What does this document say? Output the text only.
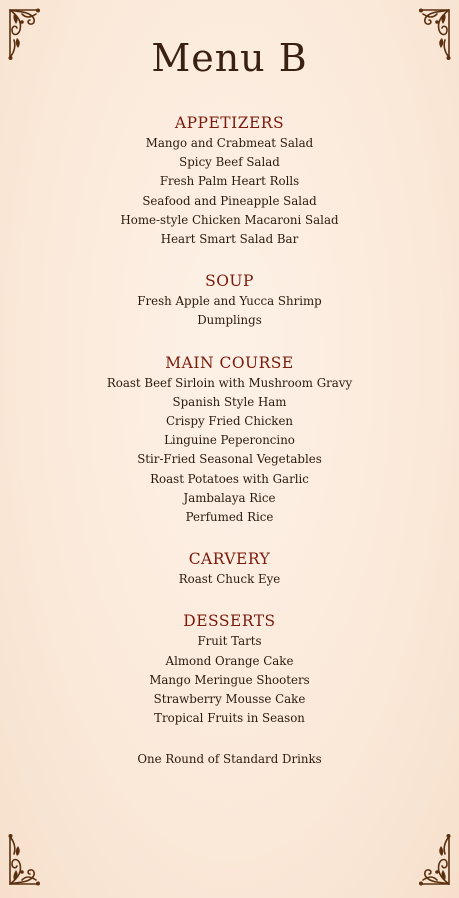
Menu B
APPETIZERS
Mango and Crabmeat Salad
Spicy Beef Salad
Fresh Palm Heart Rolls
Seafood and Pineapple Salad
Home-style Chicken Macaroni Salad
Heart Smart Salad Bar
SOUP
Fresh Apple and Yucca Shrimp
Dumplings
MAIN COURSE
Roast Beef Sirloin with Mushroom Gravy
Spanish Style Ham
Crispy Fried Chicken
Linguine Peperoncino
Stir-Fried Seasonal Vegetables
Roast Potatoes with Garlic
Jambalaya Rice
Perfumed Rice
CARVERY
Roast Chuck Eye
DESSERTS
Fruit Tarts
Almond Orange Cake
Mango Meringue Shooters
Strawberry Mousse Cake
Tropical Fruits in Season
One Round of Standard Drinks
